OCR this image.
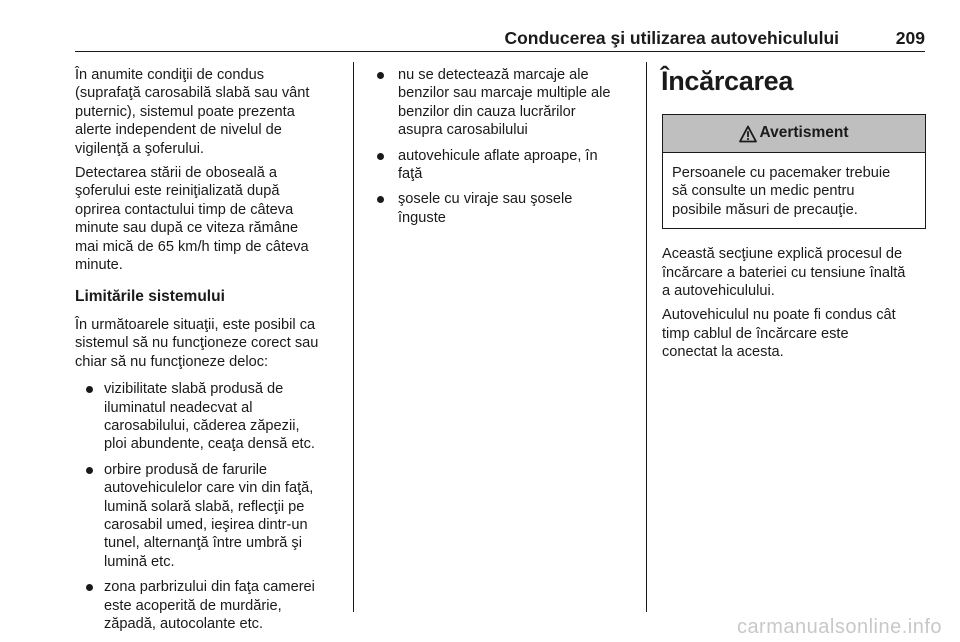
Conducerea şi utilizarea autovehiculului	209

În anumite condiţii de condus
(suprafaţă carosabilă slabă sau vânt
puternic), sistemul poate prezenta
alerte independent de nivelul de
vigilenţă a şoferului.

Detectarea stării de oboseală a
şoferului este reiniţializată după
oprirea contactului timp de câteva
minute sau după ce viteza rămâne
mai mică de 65 km/h timp de câteva
minute.

Limitările sistemului

În următoarele situaţii, este posibil ca
sistemul să nu funcţioneze corect sau
chiar să nu funcţioneze deloc:

vizibilitate slabă produsă de
iluminatul neadecvat al
carosabilului, căderea zăpezii,
ploi abundente, ceaţa densă etc.
orbire produsă de farurile
autovehiculelor care vin din faţă,
lumină solară slabă, reflecţii pe
carosabil umed, ieşirea dintr-un
tunel, alternanţă între umbră şi
lumină etc.
zona parbrizului din faţa camerei
este acoperită de murdărie,
zăpadă, autocolante etc.
nu se detectează marcaje ale
benzilor sau marcaje multiple ale
benzilor din cauza lucrărilor
asupra carosabilului
autovehicule aflate aproape, în
faţă
şosele cu viraje sau şosele
înguste
Încărcarea
Avertisment
Persoanele cu pacemaker trebuie
să consulte un medic pentru
posibile măsuri de precauţie.

Această secţiune explică procesul de
încărcare a bateriei cu tensiune înaltă
a autovehiculului.

Autovehiculul nu poate fi condus cât
timp cablul de încărcare este
conectat la acesta.

carmanualsonline.info
